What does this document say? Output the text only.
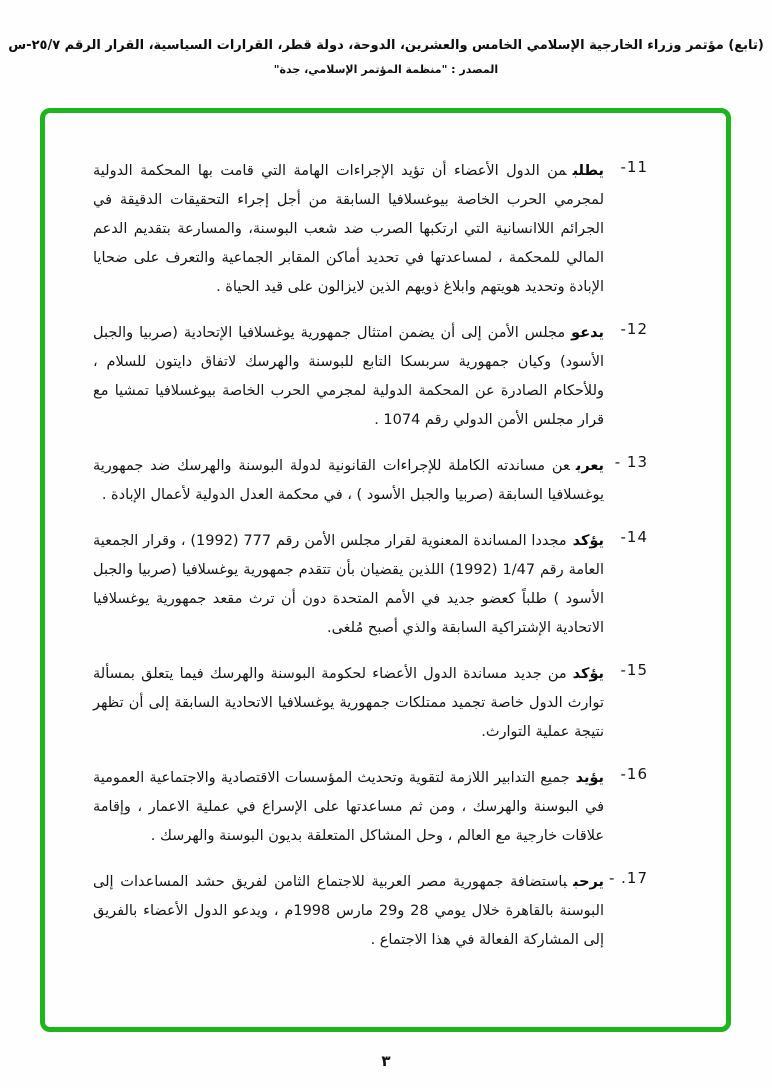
(تابع) مؤتمر وزراء الخارجية الإسلامي الخامس والعشرين، الدوحة، دولة قطر، القرارات السياسية، القرار الرقم ٢٥/٧-س
المصدر : "منظمة المؤتمر الإسلامي، جدة"
-11
يطلبمن الدول الأعضاء أن تؤيد الإجراءات الهامة التي قامت بها المحكمة الدولية لمجرمي الحرب الخاصة بيوغسلافيا السابقة من أجل إجراء التحقيقات الدقيقة في الجرائم اللاانسانية التي ارتكبها الصرب ضد شعب البوسنة، والمسارعة بتقديم الدعم المالي للمحكمة ، لمساعدتها في تحديد أماكن المقابر الجماعية والتعرف على ضحايا الإبادة وتحديد هويتهم وابلاغ ذويهم الذين لايزالون على قيد الحياة .
-12
يدعومجلس الأمن إلى أن يضمن امتثال جمهورية يوغسلافيا الإتحادية (صربيا والجبل الأسود) وكيان جمهورية سربسكا التابع للبوسنة والهرسك لاتفاق دايتون للسلام ، وللأحكام الصادرة عن المحكمة الدولية لمجرمي الحرب الخاصة بيوغسلافيا تمشيا مع قرار مجلس الأمن الدولي رقم 1074 .
- 13
يعربعن مساندته الكاملة للإجراءات القانونية لدولة البوسنة والهرسك ضد جمهورية يوغسلافيا السابقة (صربيا والجبل الأسود ) ، في محكمة العدل الدولية لأعمال الإبادة .
-14
يؤكدمجددا المساندة المعنوية لقرار مجلس الأمن رقم 777 (1992) ، وقرار الجمعية العامة رقم 1/47 (1992) اللذين يقضيان بأن تتقدم جمهورية يوغسلافيا (صربيا والجبل الأسود ) طلباً كعضو جديد في الأمم المتحدة دون أن ترث مقعد جمهورية يوغسلافيا الاتحادية الإشتراكية السابقة والذي أصبح مُلغى.
-15
يؤكدمن جديد مساندة الدول الأعضاء لحكومة البوسنة والهرسك فيما يتعلق بمسألة توارث الدول خاصة تجميد ممتلكات جمهورية يوغسلافيا الاتحادية السابقة إلى أن تظهر نتيجة عملية التوارث.
-16
يؤيدجميع التدابير اللازمة لتقوية وتحديث المؤسسات الاقتصادية والاجتماعية العمومية في البوسنة والهرسك ، ومن ثم مساعدتها على الإسراع في عملية الاعمار ، وإقامة علاقات خارجية مع العالم ، وحل المشاكل المتعلقة بديون البوسنة والهرسك .
- .17
يرحبباستضافة جمهورية مصر العربية للاجتماع الثامن لفريق حشد المساعدات إلى البوسنة بالقاهرة خلال يومي 28 و29 مارس 1998م ، ويدعو الدول الأعضاء بالفريق إلى المشاركة الفعالة في هذا الاجتماع .
٣
